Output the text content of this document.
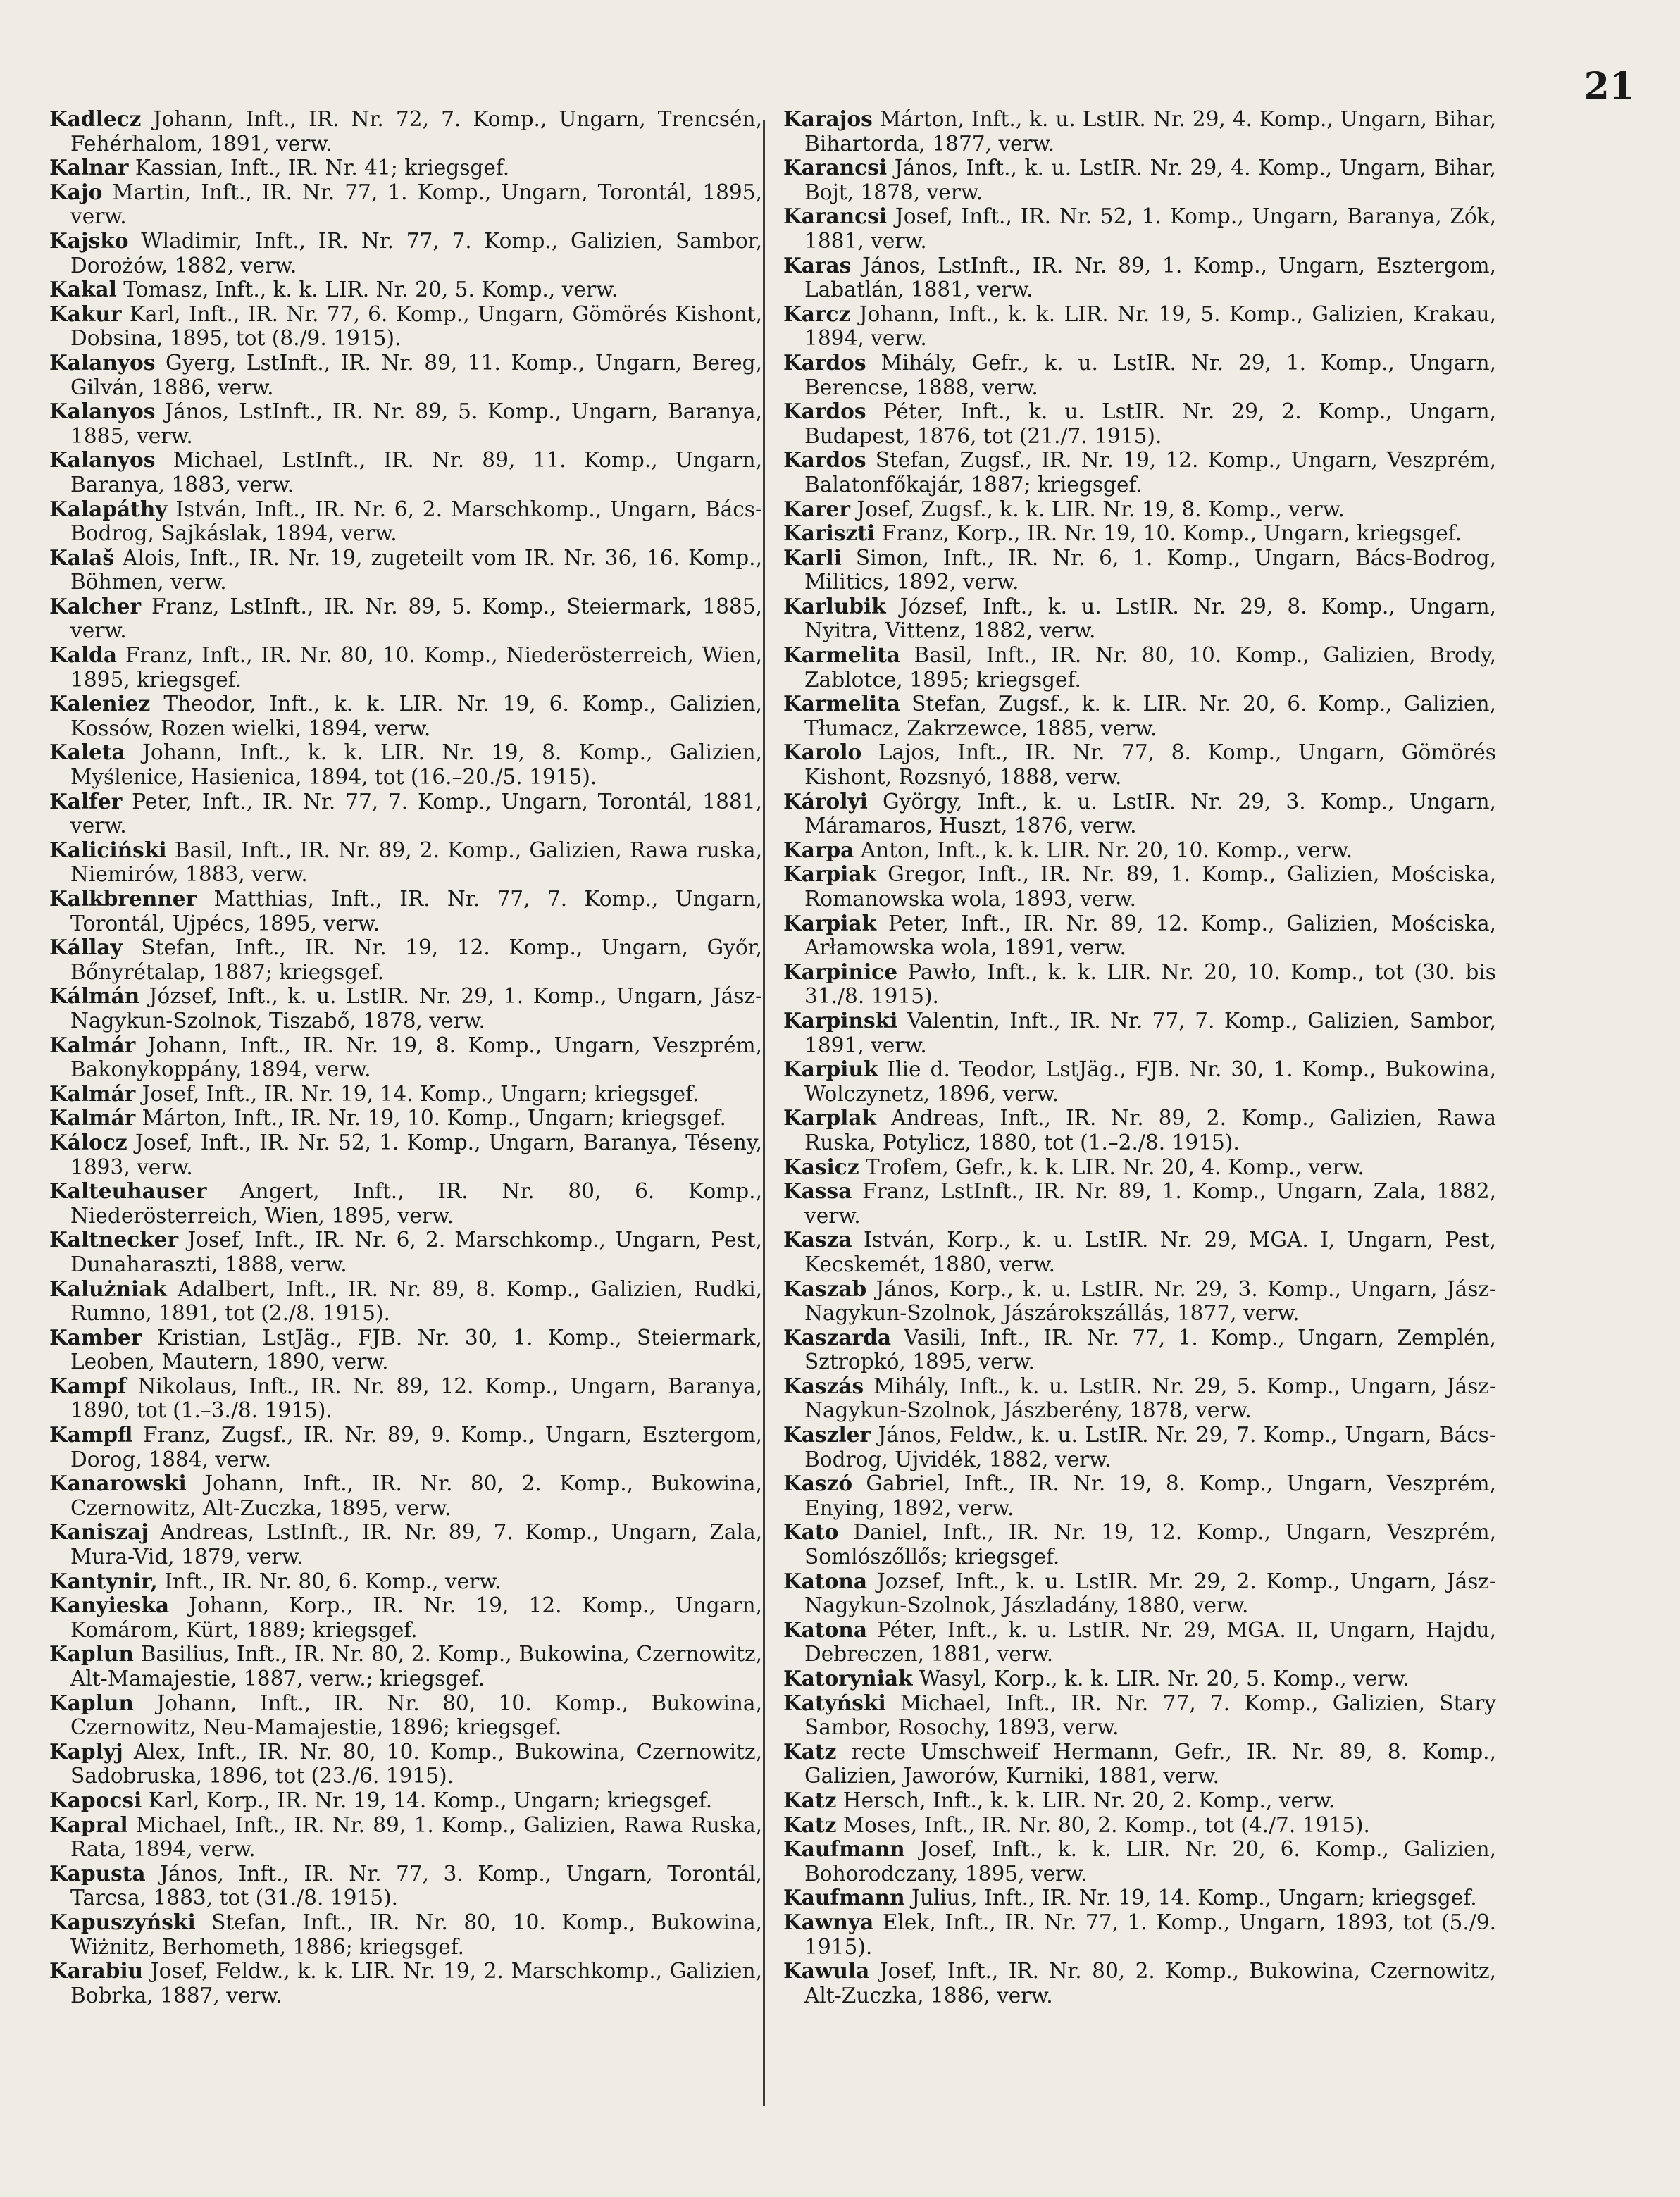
21
Kadlecz Johann, Inft., IR. Nr. 72, 7. Komp., Ungarn, Trencsén, Fehérhalom, 1891, verw.
Kalnar Kassian, Inft., IR. Nr. 41; kriegsgef.
Kajo Martin, Inft., IR. Nr. 77, 1. Komp., Ungarn, Torontál, 1895, verw.
Kajsko Wladimir, Inft., IR. Nr. 77, 7. Komp., Galizien, Sambor, Dorożów, 1882, verw.
Kakal Tomasz, Inft., k. k. LIR. Nr. 20, 5. Komp., verw.
Kakur Karl, Inft., IR. Nr. 77, 6. Komp., Ungarn, Gömörés Kishont, Dobsina, 1895, tot (8./9. 1915).
Kalanyos Gyerg, LstInft., IR. Nr. 89, 11. Komp., Ungarn, Bereg, Gilván, 1886, verw.
Kalanyos János, LstInft., IR. Nr. 89, 5. Komp., Ungarn, Baranya, 1885, verw.
Kalanyos Michael, LstInft., IR. Nr. 89, 11. Komp., Ungarn, Baranya, 1883, verw.
Kalapáthy István, Inft., IR. Nr. 6, 2. Marschkomp., Ungarn, Bács-Bodrog, Sajkáslak, 1894, verw.
Kalaš Alois, Inft., IR. Nr. 19, zugeteilt vom IR. Nr. 36, 16. Komp., Böhmen, verw.
Kalcher Franz, LstInft., IR. Nr. 89, 5. Komp., Steiermark, 1885, verw.
Kalda Franz, Inft., IR. Nr. 80, 10. Komp., Niederösterreich, Wien, 1895, kriegsgef.
Kaleniez Theodor, Inft., k. k. LIR. Nr. 19, 6. Komp., Galizien, Kossów, Rozen wielki, 1894, verw.
Kaleta Johann, Inft., k. k. LIR. Nr. 19, 8. Komp., Galizien, Myślenice, Hasienica, 1894, tot (16.–20./5. 1915).
Kalfer Peter, Inft., IR. Nr. 77, 7. Komp., Ungarn, Torontál, 1881, verw.
Kaliciński Basil, Inft., IR. Nr. 89, 2. Komp., Galizien, Rawa ruska, Niemirów, 1883, verw.
Kalkbrenner Matthias, Inft., IR. Nr. 77, 7. Komp., Ungarn, Torontál, Ujpécs, 1895, verw.
Kállay Stefan, Inft., IR. Nr. 19, 12. Komp., Ungarn, Győr, Bőnyrétalap, 1887; kriegsgef.
Kálmán József, Inft., k. u. LstIR. Nr. 29, 1. Komp., Ungarn, Jász-Nagykun-Szolnok, Tiszabő, 1878, verw.
Kalmár Johann, Inft., IR. Nr. 19, 8. Komp., Ungarn, Veszprém, Bakonykoppány, 1894, verw.
Kalmár Josef, Inft., IR. Nr. 19, 14. Komp., Ungarn; kriegsgef.
Kalmár Márton, Inft., IR. Nr. 19, 10. Komp., Ungarn; kriegsgef.
Kálocz Josef, Inft., IR. Nr. 52, 1. Komp., Ungarn, Baranya, Téseny, 1893, verw.
Kalteuhauser Angert, Inft., IR. Nr. 80, 6. Komp., Niederösterreich, Wien, 1895, verw.
Kaltnecker Josef, Inft., IR. Nr. 6, 2. Marschkomp., Ungarn, Pest, Dunaharaszti, 1888, verw.
Kalużniak Adalbert, Inft., IR. Nr. 89, 8. Komp., Galizien, Rudki, Rumno, 1891, tot (2./8. 1915).
Kamber Kristian, LstJäg., FJB. Nr. 30, 1. Komp., Steiermark, Leoben, Mautern, 1890, verw.
Kampf Nikolaus, Inft., IR. Nr. 89, 12. Komp., Ungarn, Baranya, 1890, tot (1.–3./8. 1915).
Kampfl Franz, Zugsf., IR. Nr. 89, 9. Komp., Ungarn, Esztergom, Dorog, 1884, verw.
Kanarowski Johann, Inft., IR. Nr. 80, 2. Komp., Bukowina, Czernowitz, Alt-Zuczka, 1895, verw.
Kaniszaj Andreas, LstInft., IR. Nr. 89, 7. Komp., Ungarn, Zala, Mura-Vid, 1879, verw.
Kantynir, Inft., IR. Nr. 80, 6. Komp., verw.
Kanyieska Johann, Korp., IR. Nr. 19, 12. Komp., Ungarn, Komárom, Kürt, 1889; kriegsgef.
Kaplun Basilius, Inft., IR. Nr. 80, 2. Komp., Bukowina, Czernowitz, Alt-Mamajestie, 1887, verw.; kriegsgef.
Kaplun Johann, Inft., IR. Nr. 80, 10. Komp., Bukowina, Czernowitz, Neu-Mamajestie, 1896; kriegsgef.
Kaplyj Alex, Inft., IR. Nr. 80, 10. Komp., Bukowina, Czernowitz, Sadobruska, 1896, tot (23./6. 1915).
Kapocsi Karl, Korp., IR. Nr. 19, 14. Komp., Ungarn; kriegsgef.
Kapral Michael, Inft., IR. Nr. 89, 1. Komp., Galizien, Rawa Ruska, Rata, 1894, verw.
Kapusta János, Inft., IR. Nr. 77, 3. Komp., Ungarn, Torontál, Tarcsa, 1883, tot (31./8. 1915).
Kapuszyński Stefan, Inft., IR. Nr. 80, 10. Komp., Bukowina, Wiżnitz, Berhometh, 1886; kriegsgef.
Karabiu Josef, Feldw., k. k. LIR. Nr. 19, 2. Marschkomp., Galizien, Bobrka, 1887, verw.
Karajos Márton, Inft., k. u. LstIR. Nr. 29, 4. Komp., Ungarn, Bihar, Bihartorda, 1877, verw.
Karancsi János, Inft., k. u. LstIR. Nr. 29, 4. Komp., Ungarn, Bihar, Bojt, 1878, verw.
Karancsi Josef, Inft., IR. Nr. 52, 1. Komp., Ungarn, Baranya, Zók, 1881, verw.
Karas János, LstInft., IR. Nr. 89, 1. Komp., Ungarn, Esztergom, Labatlán, 1881, verw.
Karcz Johann, Inft., k. k. LIR. Nr. 19, 5. Komp., Galizien, Krakau, 1894, verw.
Kardos Mihály, Gefr., k. u. LstIR. Nr. 29, 1. Komp., Ungarn, Berencse, 1888, verw.
Kardos Péter, Inft., k. u. LstIR. Nr. 29, 2. Komp., Ungarn, Budapest, 1876, tot (21./7. 1915).
Kardos Stefan, Zugsf., IR. Nr. 19, 12. Komp., Ungarn, Veszprém, Balatonfőkajár, 1887; kriegsgef.
Karer Josef, Zugsf., k. k. LIR. Nr. 19, 8. Komp., verw.
Kariszti Franz, Korp., IR. Nr. 19, 10. Komp., Ungarn, kriegsgef.
Karli Simon, Inft., IR. Nr. 6, 1. Komp., Ungarn, Bács-Bodrog, Militics, 1892, verw.
Karlubik József, Inft., k. u. LstIR. Nr. 29, 8. Komp., Ungarn, Nyitra, Vittenz, 1882, verw.
Karmelita Basil, Inft., IR. Nr. 80, 10. Komp., Galizien, Brody, Zablotce, 1895; kriegsgef.
Karmelita Stefan, Zugsf., k. k. LIR. Nr. 20, 6. Komp., Galizien, Tłumacz, Zakrzewce, 1885, verw.
Karolo Lajos, Inft., IR. Nr. 77, 8. Komp., Ungarn, Gömörés Kishont, Rozsnyó, 1888, verw.
Károlyi György, Inft., k. u. LstIR. Nr. 29, 3. Komp., Ungarn, Máramaros, Huszt, 1876, verw.
Karpa Anton, Inft., k. k. LIR. Nr. 20, 10. Komp., verw.
Karpiak Gregor, Inft., IR. Nr. 89, 1. Komp., Galizien, Mościska, Romanowska wola, 1893, verw.
Karpiak Peter, Inft., IR. Nr. 89, 12. Komp., Galizien, Mościska, Arłamowska wola, 1891, verw.
Karpinice Pawło, Inft., k. k. LIR. Nr. 20, 10. Komp., tot (30. bis 31./8. 1915).
Karpinski Valentin, Inft., IR. Nr. 77, 7. Komp., Galizien, Sambor, 1891, verw.
Karpiuk Ilie d. Teodor, LstJäg., FJB. Nr. 30, 1. Komp., Bukowina, Wolczynetz, 1896, verw.
Karplak Andreas, Inft., IR. Nr. 89, 2. Komp., Galizien, Rawa Ruska, Potylicz, 1880, tot (1.–2./8. 1915).
Kasicz Trofem, Gefr., k. k. LIR. Nr. 20, 4. Komp., verw.
Kassa Franz, LstInft., IR. Nr. 89, 1. Komp., Ungarn, Zala, 1882, verw.
Kasza István, Korp., k. u. LstIR. Nr. 29, MGA. I, Ungarn, Pest, Kecskemét, 1880, verw.
Kaszab János, Korp., k. u. LstIR. Nr. 29, 3. Komp., Ungarn, Jász-Nagykun-Szolnok, Jászárokszállás, 1877, verw.
Kaszarda Vasili, Inft., IR. Nr. 77, 1. Komp., Ungarn, Zemplén, Sztropkó, 1895, verw.
Kaszás Mihály, Inft., k. u. LstIR. Nr. 29, 5. Komp., Ungarn, Jász-Nagykun-Szolnok, Jászberény, 1878, verw.
Kaszler János, Feldw., k. u. LstIR. Nr. 29, 7. Komp., Ungarn, Bács-Bodrog, Ujvidék, 1882, verw.
Kaszó Gabriel, Inft., IR. Nr. 19, 8. Komp., Ungarn, Veszprém, Enying, 1892, verw.
Kato Daniel, Inft., IR. Nr. 19, 12. Komp., Ungarn, Veszprém, Somlószőllős; kriegsgef.
Katona Jozsef, Inft., k. u. LstIR. Mr. 29, 2. Komp., Ungarn, Jász-Nagykun-Szolnok, Jászladány, 1880, verw.
Katona Péter, Inft., k. u. LstIR. Nr. 29, MGA. II, Ungarn, Hajdu, Debreczen, 1881, verw.
Katoryniak Wasyl, Korp., k. k. LIR. Nr. 20, 5. Komp., verw.
Katyński Michael, Inft., IR. Nr. 77, 7. Komp., Galizien, Stary Sambor, Rosochy, 1893, verw.
Katz recte Umschweif Hermann, Gefr., IR. Nr. 89, 8. Komp., Galizien, Jaworów, Kurniki, 1881, verw.
Katz Hersch, Inft., k. k. LIR. Nr. 20, 2. Komp., verw.
Katz Moses, Inft., IR. Nr. 80, 2. Komp., tot (4./7. 1915).
Kaufmann Josef, Inft., k. k. LIR. Nr. 20, 6. Komp., Galizien, Bohorodczany, 1895, verw.
Kaufmann Julius, Inft., IR. Nr. 19, 14. Komp., Ungarn; kriegsgef.
Kawnya Elek, Inft., IR. Nr. 77, 1. Komp., Ungarn, 1893, tot (5./9. 1915).
Kawula Josef, Inft., IR. Nr. 80, 2. Komp., Bukowina, Czernowitz, Alt-Zuczka, 1886, verw.
